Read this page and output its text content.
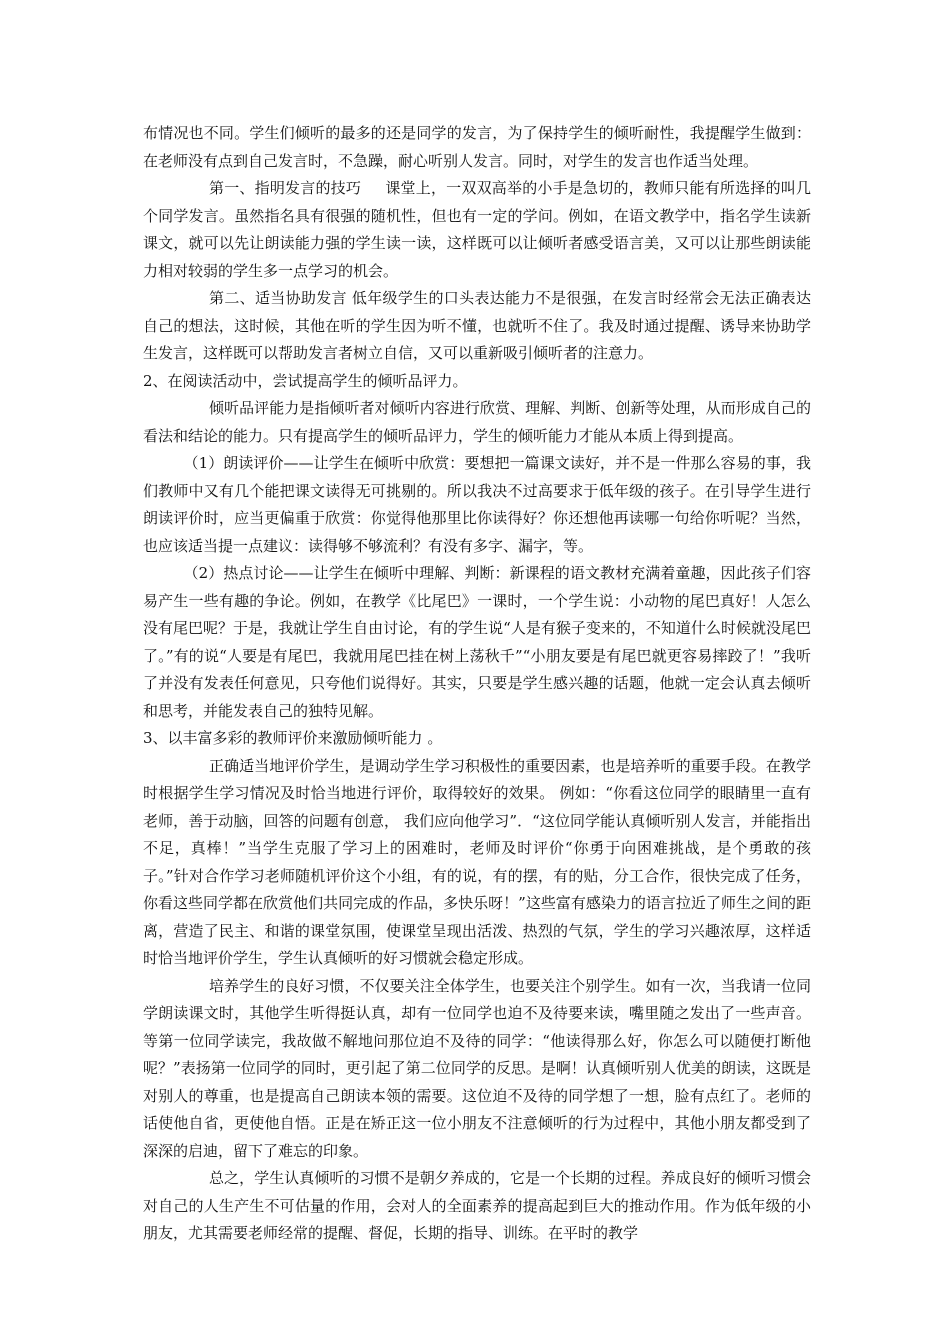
布情况也不同。学生们倾听的最多的还是同学的发言，为了保持学生的倾听耐性，我提醒学生做到：在老师没有点到自己发言时，不急躁，耐心听别人发言。同时，对学生的发言也作适当处理。

第一、指明发言的技巧 课堂上，一双双高举的小手是急切的，教师只能有所选择的叫几个同学发言。虽然指名具有很强的随机性，但也有一定的学问。例如，在语文教学中，指名学生读新课文，就可以先让朗读能力强的学生读一读，这样既可以让倾听者感受语言美，又可以让那些朗读能力相对较弱的学生多一点学习的机会。

第二、适当协助发言 低年级学生的口头表达能力不是很强，在发言时经常会无法正确表达自己的想法，这时候，其他在听的学生因为听不懂，也就听不住了。我及时通过提醒、诱导来协助学生发言，这样既可以帮助发言者树立自信，又可以重新吸引倾听者的注意力。

2、在阅读活动中，尝试提高学生的倾听品评力。

倾听品评能力是指倾听者对倾听内容进行欣赏、理解、判断、创新等处理，从而形成自己的看法和结论的能力。只有提高学生的倾听品评力，学生的倾听能力才能从本质上得到提高。

（1）朗读评价——让学生在倾听中欣赏：要想把一篇课文读好，并不是一件那么容易的事，我们教师中又有几个能把课文读得无可挑剔的。所以我决不过高要求于低年级的孩子。在引导学生进行朗读评价时，应当更偏重于欣赏：你觉得他那里比你读得好？你还想他再读哪一句给你听呢？当然，也应该适当提一点建议：读得够不够流利？有没有多字、漏字，等。

（2）热点讨论——让学生在倾听中理解、判断：新课程的语文教材充满着童趣，因此孩子们容易产生一些有趣的争论。例如，在教学《比尾巴》一课时，一个学生说：小动物的尾巴真好！人怎么没有尾巴呢？于是，我就让学生自由讨论，有的学生说“人是有猴子变来的，不知道什么时候就没尾巴了。”有的说“人要是有尾巴，我就用尾巴挂在树上荡秋千”“小朋友要是有尾巴就更容易摔跤了！”我听了并没有发表任何意见，只夸他们说得好。其实，只要是学生感兴趣的话题，他就一定会认真去倾听和思考，并能发表自己的独特见解。

3、以丰富多彩的教师评价来激励倾听能力 。

正确适当地评价学生，是调动学生学习积极性的重要因素，也是培养听的重要手段。在教学时根据学生学习情况及时恰当地进行评价，取得较好的效果。 例如：“你看这位同学的眼睛里一直有老师，善于动脑，回答的问题有创意， 我们应向他学习”．“这位同学能认真倾听别人发言，并能指出不足，真棒！”当学生克服了学习上的困难时，老师及时评价“你勇于向困难挑战，是个勇敢的孩子。”针对合作学习老师随机评价这个小组，有的说，有的摆，有的贴，分工合作，很快完成了任务，你看这些同学都在欣赏他们共同完成的作品，多快乐呀！”这些富有感染力的语言拉近了师生之间的距离，营造了民主、和谐的课堂氛围，使课堂呈现出活泼、热烈的气氛，学生的学习兴趣浓厚，这样适时恰当地评价学生，学生认真倾听的好习惯就会稳定形成。

培养学生的良好习惯，不仅要关注全体学生，也要关注个别学生。如有一次，当我请一位同学朗读课文时，其他学生听得挺认真，却有一位同学也迫不及待要来读，嘴里随之发出了一些声音。等第一位同学读完，我故做不解地问那位迫不及待的同学：“他读得那么好，你怎么可以随便打断他呢？”表扬第一位同学的同时，更引起了第二位同学的反思。是啊！认真倾听别人优美的朗读，这既是对别人的尊重，也是提高自己朗读本领的需要。这位迫不及待的同学想了一想，脸有点红了。老师的话使他自省，更使他自悟。正是在矫正这一位小朋友不注意倾听的行为过程中，其他小朋友都受到了深深的启迪，留下了难忘的印象。

总之，学生认真倾听的习惯不是朝夕养成的，它是一个长期的过程。养成良好的倾听习惯会对自己的人生产生不可估量的作用，会对人的全面素养的提高起到巨大的推动作用。作为低年级的小朋友，尤其需要老师经常的提醒、督促，长期的指导、训练。在平时的教学
